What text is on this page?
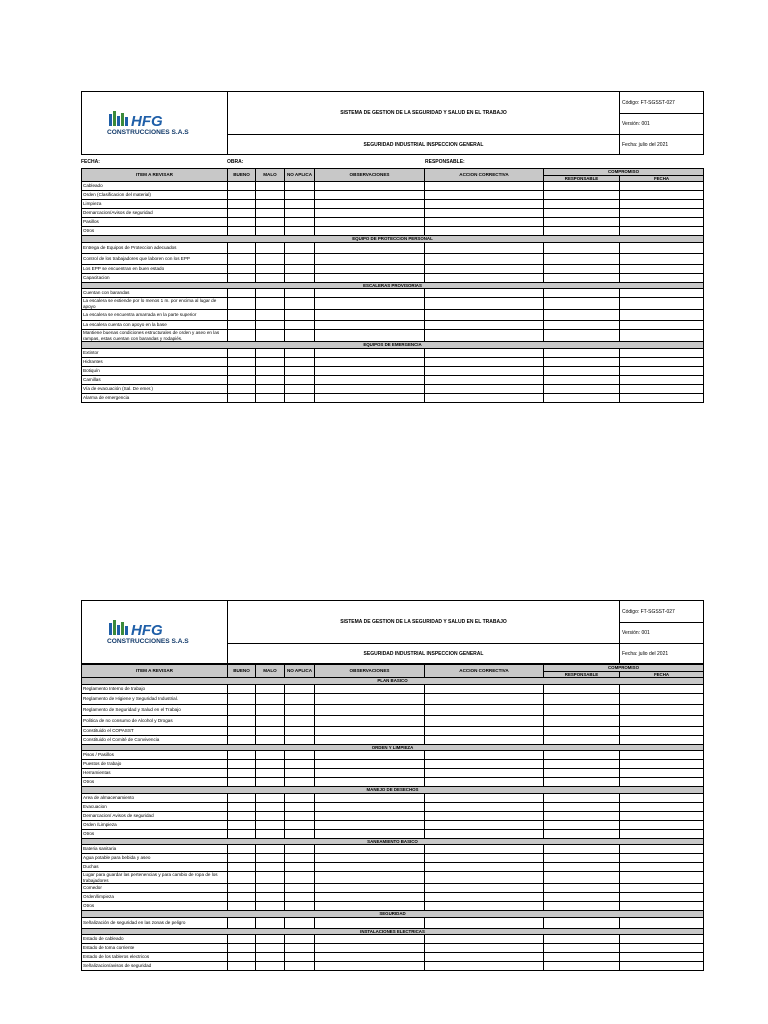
HFG
CONSTRUCCIONES S.A.S	SISTEMA DE GESTION DE LA SEGURIDAD Y SALUD EN EL TRABAJO	Código: FT-SGSST-027
		Versión: 001
	SEGURIDAD INDUSTRIAL INSPECCION GENERAL	Fecha: julio del 2021
FECHA:	OBRA:	RESPONSABLE:
ITEM A REVISAR	BUENO	MALO	NO APLICA	OBSERVACIONES	ACCION CORRECTIVA	COMPROMISO	
						RESPONSABLE	FECHA
Cableado							
Orden (Clasificacion del material)							
Limpieza							
Demarcacion/Avisos de seguridad							
Pasillos							
Otros							
EQUIPO DE PROTECCION PERSONAL							
Entrega de Equipos de Proteccion adecuados							
Control de los trabajadores que laboren con los EPP							
Los EPP se encuentran en buen estado							
Capacitacion							
ESCALERAS PROVISORIAS							
Cuentan con barandas							
La escalera se extiende por lo menos 1 m. por encima al lugar de apoyo							
La escalera se encuentra amarrada en la parte superior							
La escalera cuenta con apoyo en la base							
Mantiene buenas condiciones estructurales de orden y aseo en las rampas, estas cuentan con barandas y rodapiés.							
EQUIPOS DE EMERGENCIA							
Extintor							
Hidrantes							
Botiquín							
Camillas							
Vía de evacuación (Sal. De emer.)							
Alarma de emergencia							
HFG
CONSTRUCCIONES S.A.S	SISTEMA DE GESTION DE LA SEGURIDAD Y SALUD EN EL TRABAJO	Código: FT-SGSST-027
		Versión: 001
	SEGURIDAD INDUSTRIAL INSPECCION GENERAL	Fecha: julio del 2021
ITEM A REVISAR	BUENO	MALO	NO APLICA	OBSERVACIONES	ACCION CORRECTIVA	COMPROMISO	
						RESPONSABLE	FECHA
PLAN BASICO							
Reglamento Interno de trabajo							
Reglamento de Higiene y Seguridad Industrial.							
Reglamento de Seguridad y Salud en el Trabajo							
Politica de no consumo de Alcohol y Drogas							
Constituido el COPASST							
Constituido el Comité de Convivencia							
ORDEN Y LIMPIEZA							
Pisos / Pasillos							
Puestos de trabajo							
Herramientas							
Otros							
MANEJO DE DESECHOS							
Area de almacenamiento							
Evacuacion							
Demarcacion/ Avisos de seguridad							
Orden /Limpieza							
Otros							
SANEAMIENTO BASICO							
Bateria sanitaria							
Agua potable para bebida y aseo							
Duchas							
Lugar para guardar las pertenencias y para cambio de ropa de los trabajadores							
Comedor							
Orden/limpieza							
Otros							
SEGURIDAD							
Señalización de seguridad en las zonas de peligro							
INSTALACIONES ELECTRICAS							
Estado de cableado							
Estado de toma corriente							
Estado de los tableros electricos							
Señalizacion/avisos de seguridad							
